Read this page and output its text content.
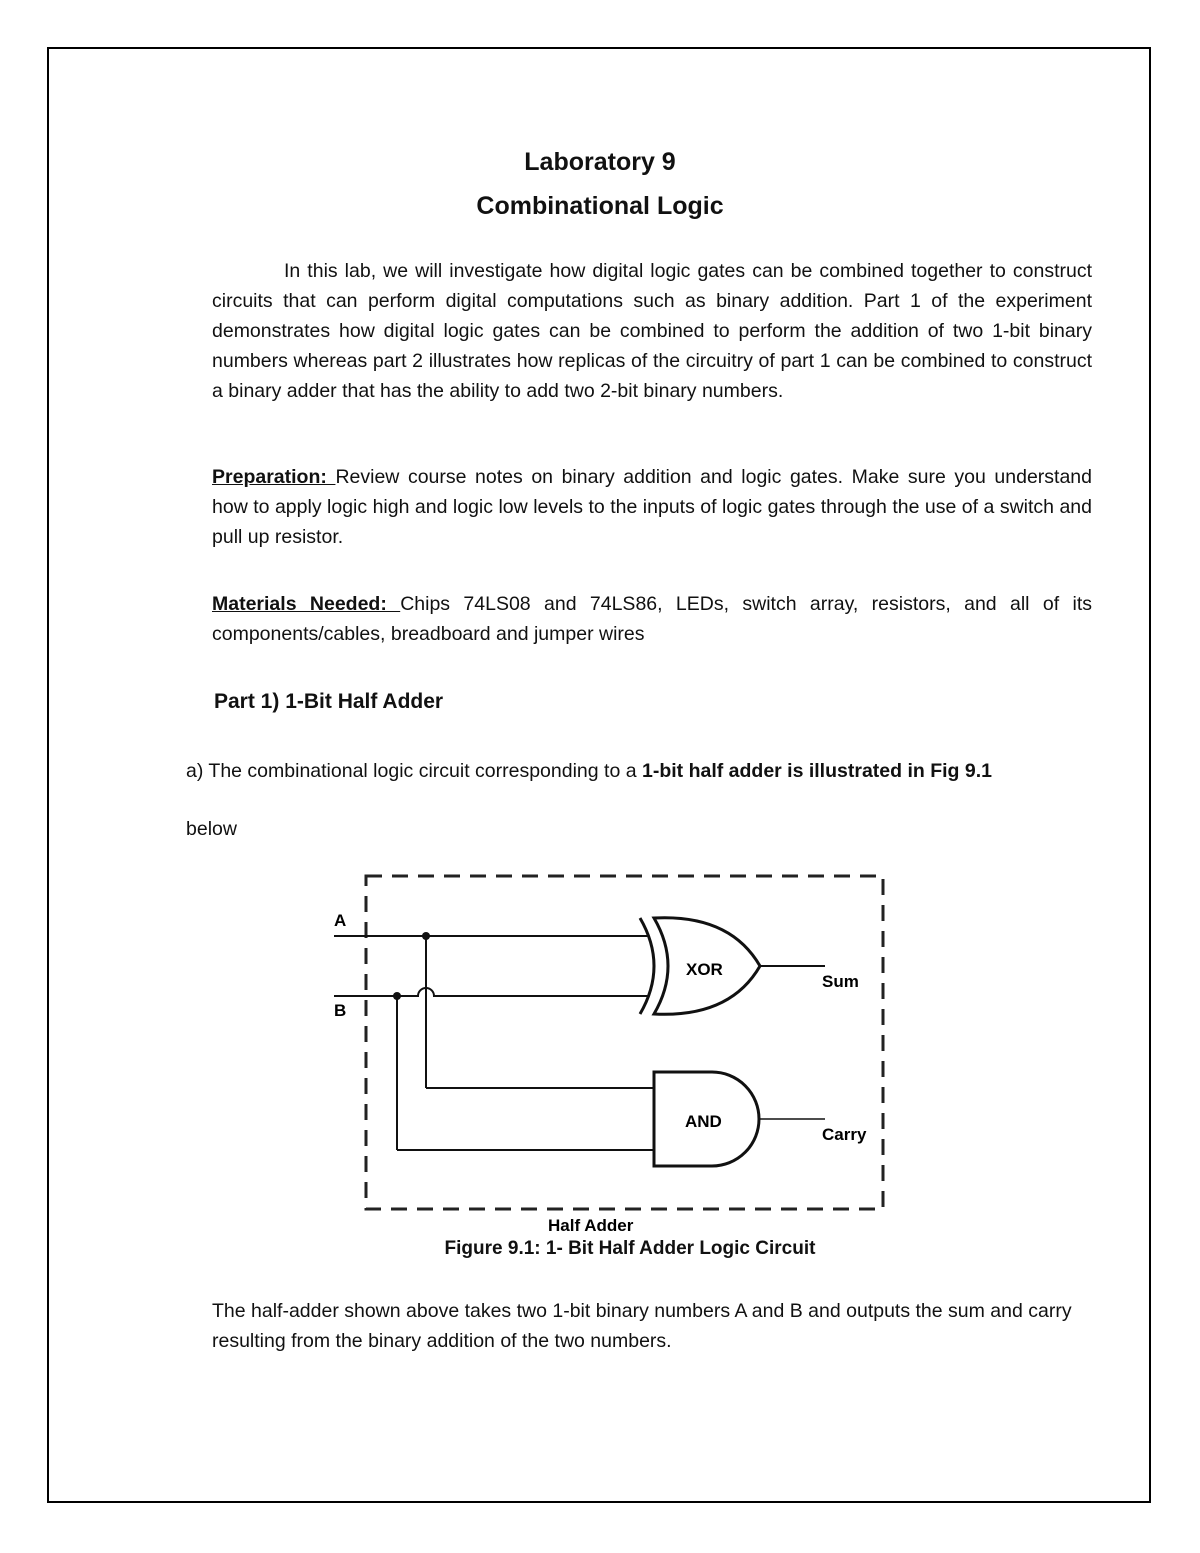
Laboratory 9
Combinational Logic
In this lab, we will investigate how digital logic gates can be combined together to construct circuits that can perform digital computations such as binary addition. Part 1 of the experiment demonstrates how digital logic gates can be combined to perform the addition of two 1-bit binary numbers whereas part 2 illustrates how replicas of the circuitry of part 1 can be combined to construct a binary adder that has the ability to add two 2-bit binary numbers.
Preparation: Review course notes on binary addition and logic gates. Make sure you understand how to apply logic high and logic low levels to the inputs of logic gates through the use of a switch and pull up resistor.
Materials Needed: Chips 74LS08 and 74LS86, LEDs, switch array, resistors, and all of its components/cables, breadboard and jumper wires
Part 1) 1-Bit Half Adder
a) The combinational logic circuit corresponding to a 1-bit half adder is illustrated in Fig 9.1
below
A
B
XOR
Sum
AND
Carry
Half Adder
Figure 9.1: 1- Bit Half Adder Logic Circuit
The half-adder shown above takes two 1-bit binary numbers A and B and outputs the sum and carry resulting from the binary addition of the two numbers.
